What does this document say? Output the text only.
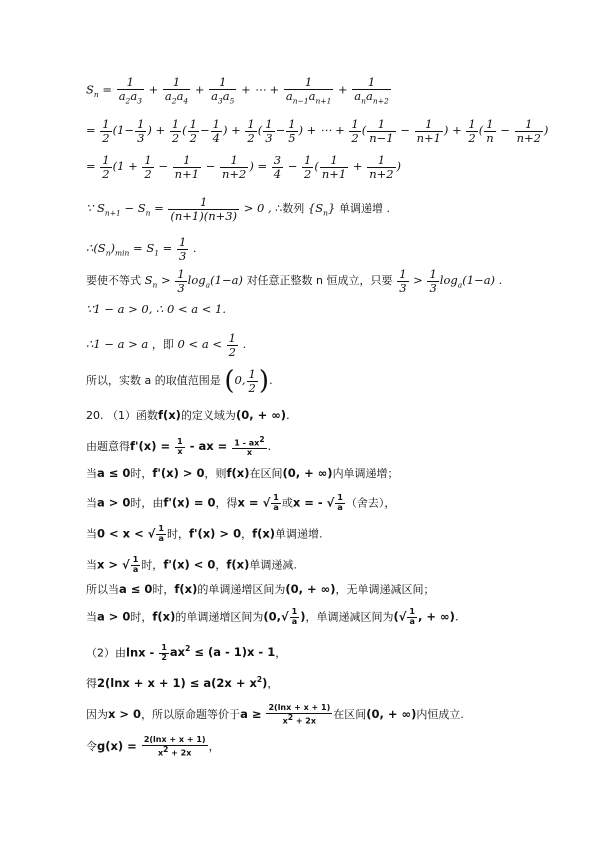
$S_n = \frac{1}{a_2a_3} + \frac{1}{a_2a_4} + \frac{1}{a_3a_5}$ + ⋯ + $\frac{1}{a_{n-1}a_{n+1}} + \frac{1}{a_na_{n+2}}$
= $\frac{1}{2} (1- \frac{1}{3}$ ) + $\frac{1}{2}$ ( $\frac{1}{2} - \frac{1}{4}$ ) + $\frac{1}{2}$ ( $\frac{1}{3} - \frac{1}{5}$ ) + ⋯ + $\frac{1}{2}$ ( $\frac{1}{n-1} - \frac{1}{n+1}$ ) + $\frac{1}{2}$ ( $\frac{1}{n} - \frac{1}{n+2}$ )
= $\frac{1}{2} (1 + \frac{1}{2} - \frac{1}{n+1} - \frac{1}{n+2}$ ) = $\frac{3}{4} - \frac{1}{2}$ ( $\frac{1}{n+1} + \frac{1}{n+2}$ )
∵ $S_{n+1} - S_n = \frac{1}{(n+1)(n+3)} > 0$ , ∴数列 $\{S_n\}$ 单调递增 .
$\therefore(S_n)_{min} = S_1 = \frac{1}{3}$ .
要使不等式 $S_n > \frac{1}{3} \log_a(1-a)$ 对任意正整数 n 恒成立，只要 $\frac{1}{3} > \frac{1}{3} \log_a(1-a)$ .
∵1 − a > 0, ∴ 0 < a < 1.
∴1 − a > a ，即 $0 < a < \frac{1}{2}$ .
所以，实数 a 的取值范围是 (0, $\frac{1}{2}$ ).
20. （1）函数f(x)的定义域为(0, + ∞).
由题意得$f'(x) = \frac{1}{x}$ - ax = $\frac{1 - ax^2}{x}$ .
当a ≤ 0时，f'(x) > 0，则f(x)在区间(0, + ∞)内单调递增；
当a > 0时，由f'(x) = 0，得x = √ $\frac{1}{a}$ 或x = - √ $\frac{1}{a}$ （舍去），
当0 < x < √ $\frac{1}{a}$ 时，f'(x) > 0，f(x)单调递增.
当x > √ $\frac{1}{a}$ 时，f'(x) < 0，f(x)单调递减.
所以当a ≤ 0时，f(x)的单调递增区间为(0, + ∞)，无单调递减区间；
当a > 0时，f(x)的单调递增区间为($0,√ \frac{1}{a}$ )，单调递减区间为(√ $\frac{1}{a}$ , + ∞).
（2）由$\ln x - \frac{1}{2} ax^2 \le (a - 1)x - 1$，
得$2(\ln x + x + 1) \le a(2x + x^2)$，
因为x > 0，所以原命题等价于$a \ge \frac{2(\ln x + x + 1)}{x^2 + 2x}$ 在区间(0, + ∞)内恒成立.
令$g(x) = \frac{2(\ln x + x + 1)}{x^2 + 2x}$ ，
